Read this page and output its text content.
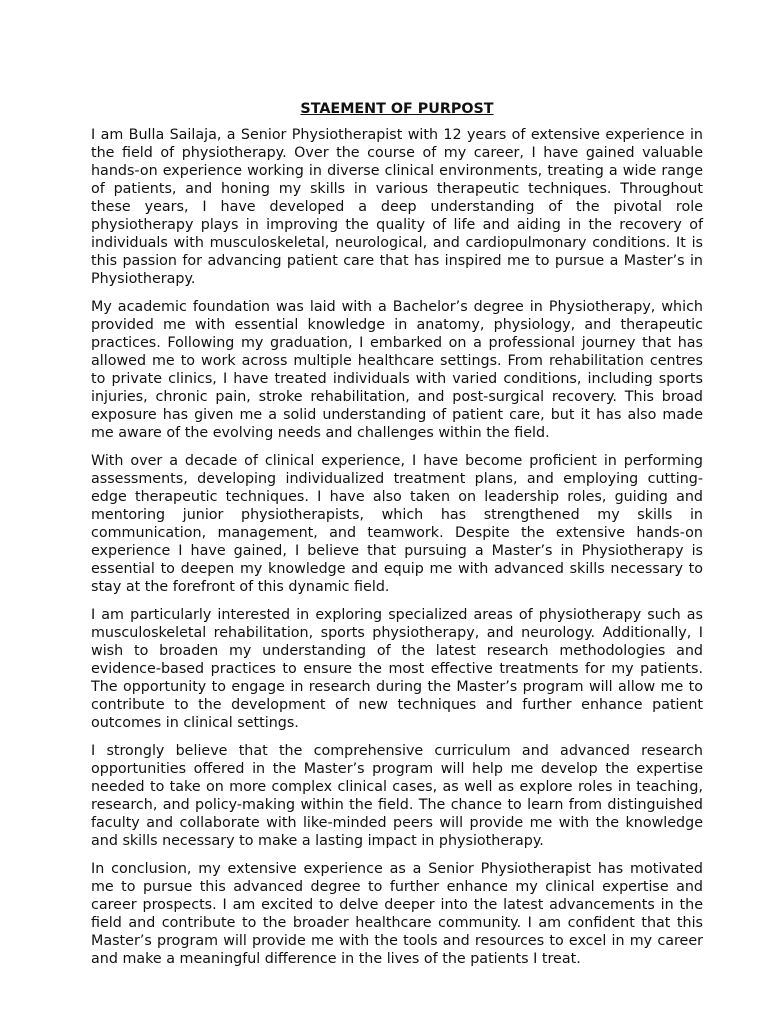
STAEMENT OF PURPOST

I am Bulla Sailaja, a Senior Physiotherapist with 12 years of extensive experience in the field of physiotherapy. Over the course of my career, I have gained valuable hands-on experience working in diverse clinical environments, treating a wide range of patients, and honing my skills in various therapeutic techniques. Throughout these years, I have developed a deep understanding of the pivotal role physiotherapy plays in improving the quality of life and aiding in the recovery of individuals with musculoskeletal, neurological, and cardiopulmonary conditions. It is this passion for advancing patient care that has inspired me to pursue a Master’s in Physiotherapy.

My academic foundation was laid with a Bachelor’s degree in Physiotherapy, which provided me with essential knowledge in anatomy, physiology, and therapeutic practices. Following my graduation, I embarked on a professional journey that has allowed me to work across multiple healthcare settings. From rehabilitation centres to private clinics, I have treated individuals with varied conditions, including sports injuries, chronic pain, stroke rehabilitation, and post-surgical recovery. This broad exposure has given me a solid understanding of patient care, but it has also made me aware of the evolving needs and challenges within the field.

With over a decade of clinical experience, I have become proficient in performing assessments, developing individualized treatment plans, and employing cutting-edge therapeutic techniques. I have also taken on leadership roles, guiding and mentoring junior physiotherapists, which has strengthened my skills in communication, management, and teamwork. Despite the extensive hands-on experience I have gained, I believe that pursuing a Master’s in Physiotherapy is essential to deepen my knowledge and equip me with advanced skills necessary to stay at the forefront of this dynamic field.

I am particularly interested in exploring specialized areas of physiotherapy such as musculoskeletal rehabilitation, sports physiotherapy, and neurology. Additionally, I wish to broaden my understanding of the latest research methodologies and evidence-based practices to ensure the most effective treatments for my patients. The opportunity to engage in research during the Master’s program will allow me to contribute to the development of new techniques and further enhance patient outcomes in clinical settings.

I strongly believe that the comprehensive curriculum and advanced research opportunities offered in the Master’s program will help me develop the expertise needed to take on more complex clinical cases, as well as explore roles in teaching, research, and policy-making within the field. The chance to learn from distinguished faculty and collaborate with like-minded peers will provide me with the knowledge and skills necessary to make a lasting impact in physiotherapy.

In conclusion, my extensive experience as a Senior Physiotherapist has motivated me to pursue this advanced degree to further enhance my clinical expertise and career prospects. I am excited to delve deeper into the latest advancements in the field and contribute to the broader healthcare community. I am confident that this Master’s program will provide me with the tools and resources to excel in my career and make a meaningful difference in the lives of the patients I treat.
